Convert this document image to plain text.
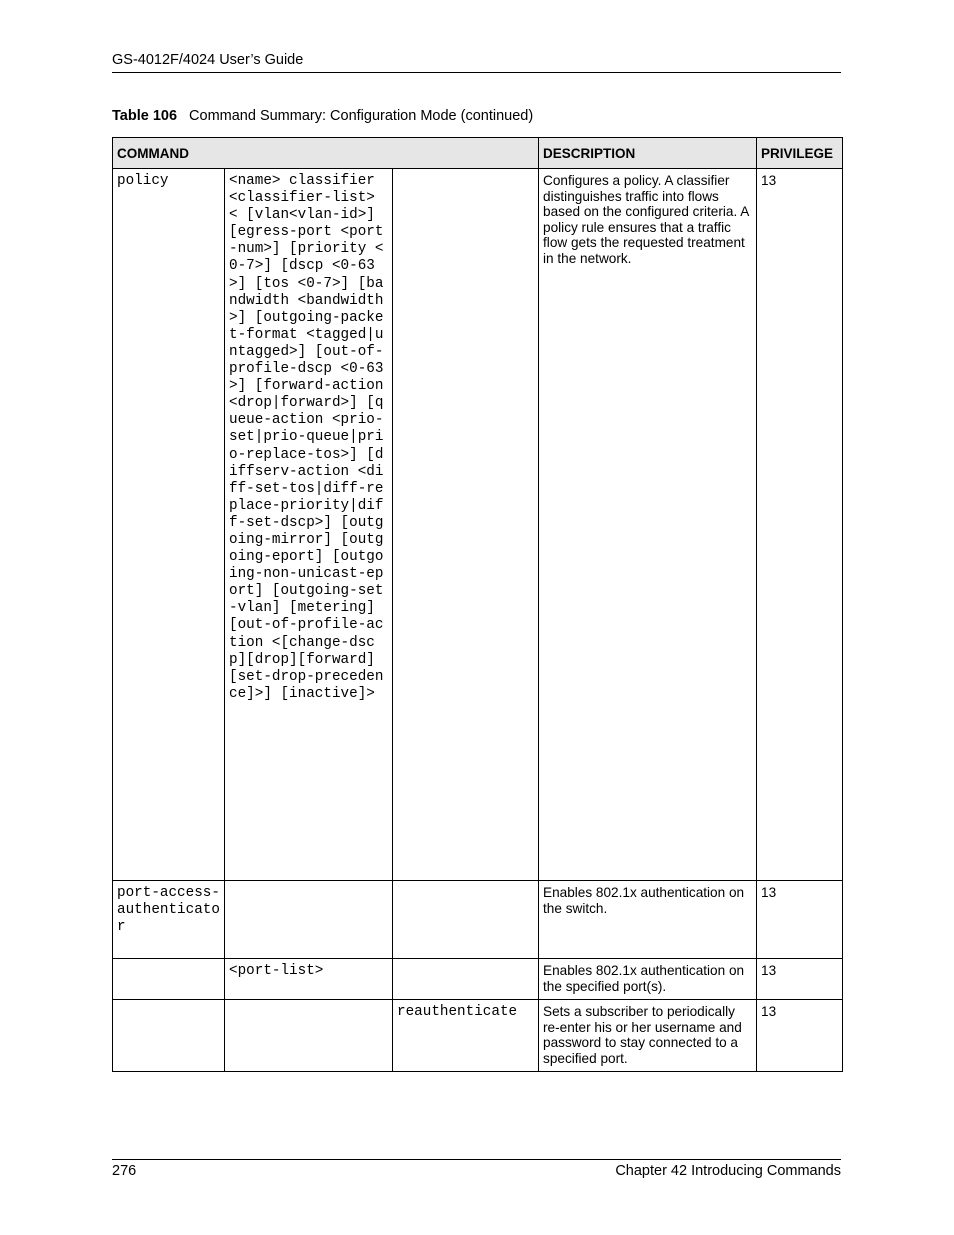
GS-4012F/4024 User’s Guide
Table 106 Command Summary: Configuration Mode (continued)
COMMAND			DESCRIPTION	PRIVILEGE
policy	<name> classifier <classifier-list> < [vlan<vlan-id>] [egress-port <port-num>] [priority <0-7>] [dscp <0-63>] [tos <0-7>] [bandwidth <bandwidth>] [outgoing-packet-format <tagged|untagged>] [out-of-profile-dscp <0-63>] [forward-action <drop|forward>] [queue-action <prio-set|prio-queue|prio-replace-tos>] [diffserv-action <diff-set-tos|diff-replace-priority|diff-set-dscp>] [outgoing-mirror] [outgoing-eport] [outgoing-non-unicast-eport] [outgoing-set-vlan] [metering] [out-of-profile-action <[change-dscp][drop][forward] [set-drop-precedence]>] [inactive]>		Configures a policy. A classifier distinguishes traffic into flows based on the configured criteria. A policy rule ensures that a traffic flow gets the requested treatment in the network.	13
port-access-authenticator			Enables 802.1x authentication on the switch.	13
	<port-list>		Enables 802.1x authentication on the specified port(s).	13
		reauthenticate	Sets a subscriber to periodically re-enter his or her username and password to stay connected to a specified port.	13
276	Chapter 42 Introducing Commands
